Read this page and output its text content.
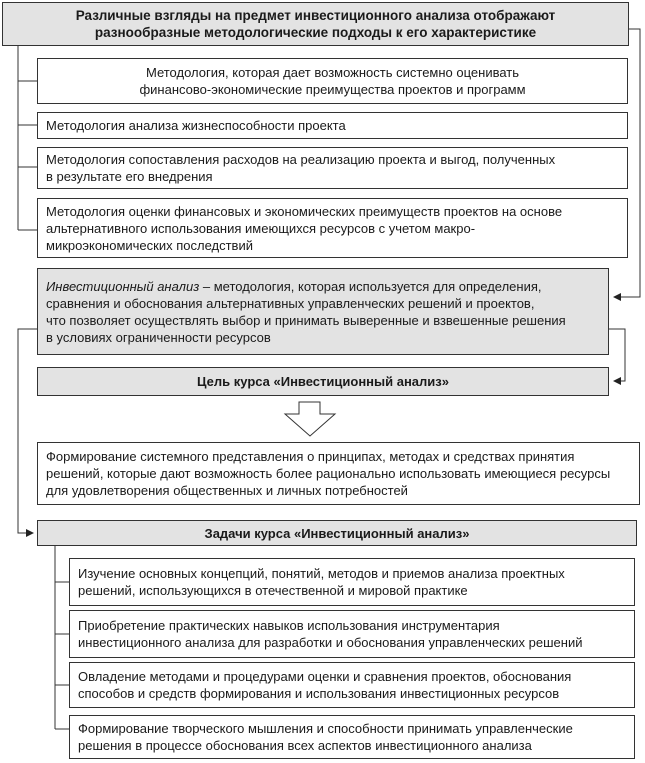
Различные взгляды на предмет инвестиционного анализа отображают
разнообразные методологические подходы к его характеристике
Методология, которая дает возможность системно оценивать
финансово-экономические преимущества проектов и программ
Методология анализа жизнеспособности проекта
Методология сопоставления расходов на реализацию проекта и выгод, полученных
в результате его внедрения
Методология оценки финансовых и экономических преимуществ проектов на основе
альтернативного использования имеющихся ресурсов с учетом макро-
микроэкономических последствий
Инвестиционный анализ – методология, которая используется для определения,
сравнения и обоснования альтернативных управленческих решений и проектов,
что позволяет осуществлять выбор и принимать выверенные и взвешенные решения
в условиях ограниченности ресурсов
Цель курса «Инвестиционный анализ»
Формирование системного представления о принципах, методах и средствах принятия
решений, которые дают возможность более рационально использовать имеющиеся ресурсы
для удовлетворения общественных и личных потребностей
Задачи курса «Инвестиционный анализ»
Изучение основных концепций, понятий, методов и приемов анализа проектных
решений, использующихся в отечественной и мировой практике
Приобретение практических навыков использования инструментария
инвестиционного анализа для разработки и обоснования управленческих решений
Овладение методами и процедурами оценки и сравнения проектов, обоснования
способов и средств формирования и использования инвестиционных ресурсов
Формирование творческого мышления и способности принимать управленческие
решения в процессе обоснования всех аспектов инвестиционного анализа
